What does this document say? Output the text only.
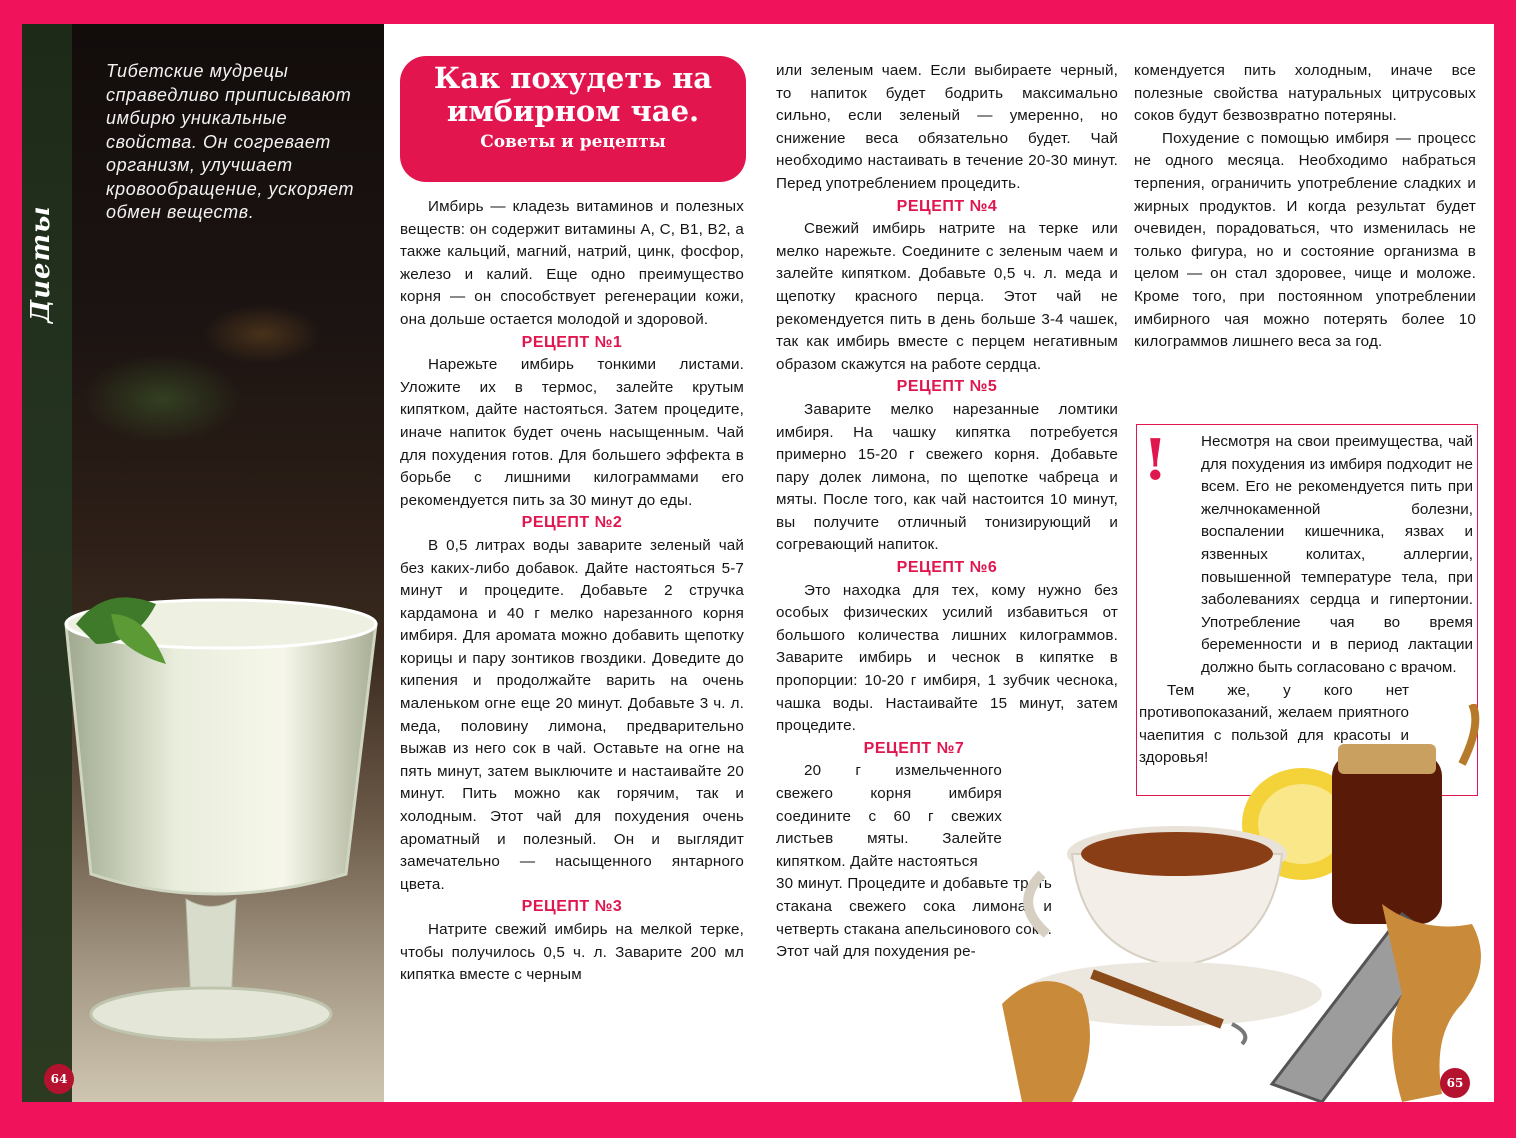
Диеты
Тибетские мудрецы справедливо приписывают имбирю уникальные свойства. Он согревает организм, улучшает кровообращение, ускоряет обмен веществ.
64
Как похудеть на имбирном чае.
Советы и рецепты

Имбирь — кладезь витаминов и полезных веществ: он содержит витамины А, С, В1, В2, а также кальций, магний, натрий, цинк, фосфор, железо и калий. Еще одно преимущество корня — он способствует регенерации кожи, она дольше остается молодой и здоровой.

РЕЦЕПТ №1

Нарежьте имбирь тонкими листами. Уложите их в термос, залейте крутым кипятком, дайте настояться. Затем процедите, иначе напиток будет очень насыщенным. Чай для похудения готов. Для большего эффекта в борьбе с лишними килограммами его рекомендуется пить за 30 минут до еды.

РЕЦЕПТ №2

В 0,5 литрах воды заварите зеленый чай без каких-либо добавок. Дайте настояться 5-7 минут и процедите. Добавьте 2 стручка кардамона и 40 г мелко нарезанного корня имбиря. Для аромата можно добавить щепотку корицы и пару зонтиков гвоздики. Доведите до кипения и продолжайте варить на очень маленьком огне еще 20 минут. Добавьте 3 ч. л. меда, половину лимона, предварительно выжав из него сок в чай. Оставьте на огне на пять минут, затем выключите и настаивайте 20 минут. Пить можно как горячим, так и холодным. Этот чай для похудения очень ароматный и полезный. Он и выглядит замечательно — насыщенного янтарного цвета.

РЕЦЕПТ №3

Натрите свежий имбирь на мелкой терке, чтобы получилось 0,5 ч. л. Заварите 200 мл кипятка вместе с черным

или зеленым чаем. Если выбираете черный, то напиток будет бодрить максимально сильно, если зеленый — умеренно, но снижение веса обязательно будет. Чай необходимо настаивать в течение 20-30 минут. Перед употреблением процедить.

РЕЦЕПТ №4

Свежий имбирь натрите на терке или мелко нарежьте. Соедините с зеленым чаем и залейте кипятком. Добавьте 0,5 ч. л. меда и щепотку красного перца. Этот чай не рекомендуется пить в день больше 3-4 чашек, так как имбирь вместе с перцем негативным образом скажутся на работе сердца.

РЕЦЕПТ №5

Заварите мелко нарезанные ломтики имбиря. На чашку кипятка потребуется примерно 15-20 г свежего корня. Добавьте пару долек лимона, по щепотке чабреца и мяты. После того, как чай настоится 10 минут, вы получите отличный тонизирующий и согревающий напиток.

РЕЦЕПТ №6

Это находка для тех, кому нужно без особых физических усилий избавиться от большого количества лишних килограммов. Заварите имбирь и чеснок в кипятке в пропорции: 10-20 г имбиря, 1 зубчик чеснока, чашка воды. Настаивайте 15 минут, затем процедите.

РЕЦЕПТ №7

20 г измельченного свежего корня имбиря соедините с 60 г свежих листьев мяты. Залейте кипятком. Дайте настояться

30 минут. Процедите и добавьте треть стакана свежего сока лимона и четверть стакана апельсинового сока. Этот чай для похудения ре-

комендуется пить холодным, иначе все полезные свойства натуральных цитрусовых соков будут безвозвратно потеряны.

Похудение с помощью имбиря — процесс не одного месяца. Необходимо набраться терпения, ограничить употребление сладких и жирных продуктов. И когда результат будет очевиден, порадоваться, что изменилась не только фигура, но и состояние организма в целом — он стал здоровее, чище и моложе. Кроме того, при постоянном употреблении имбирного чая можно потерять более 10 килограммов лишнего веса за год.

!	Несмотря на свои преимущества, чай для похудения из имбиря подходит не всем. Его не рекомендуется пить при желчнокаменной болезни, воспалении кишечника, язвах и язвенных колитах, аллергии, повышенной температуре тела, при заболеваниях сердца и гипертонии. Употребление чая во время беременности и в период лактации должно быть согласовано с врачом.

Тем же, у кого нет противопоказаний, желаем приятного чаепития с пользой для красоты и здоровья!

65
